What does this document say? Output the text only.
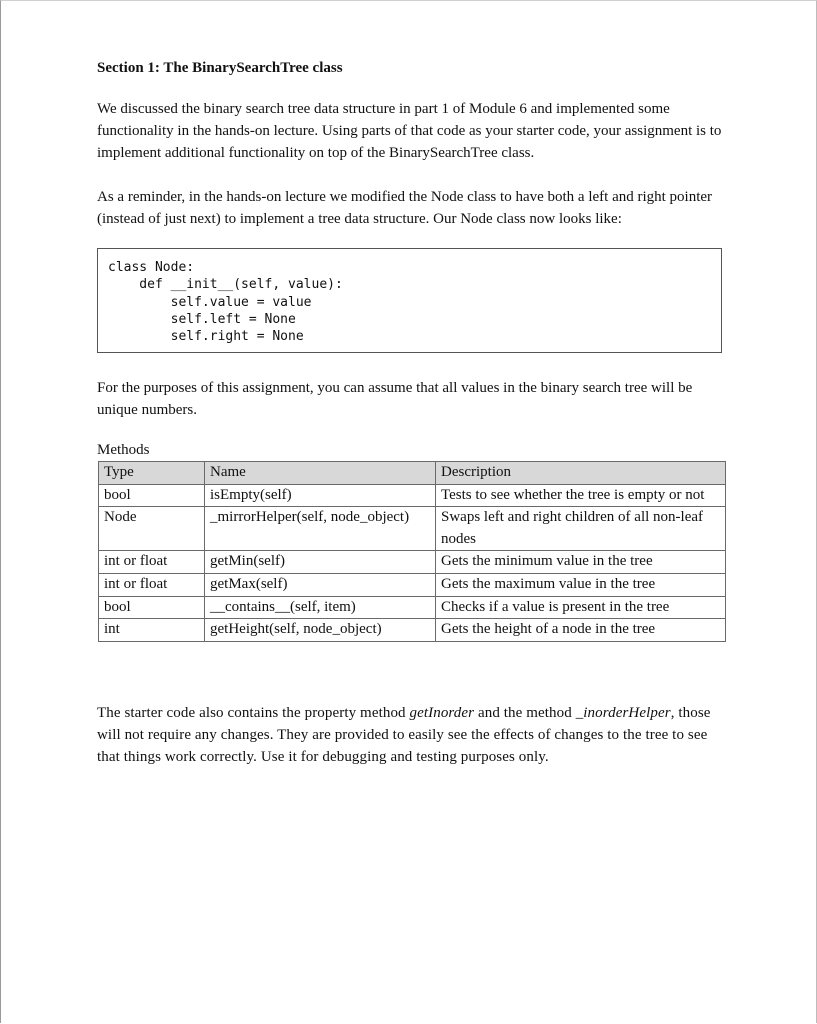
Section 1: The BinarySearchTree class

We discussed the binary search tree data structure in part 1 of Module 6 and implemented some functionality in the hands-on lecture. Using parts of that code as your starter code, your assignment is to implement additional functionality on top of the BinarySearchTree class.

As a reminder, in the hands-on lecture we modified the Node class to have both a left and right pointer (instead of just next) to implement a tree data structure. Our Node class now looks like:

class Node:
def __init__(self, value):
self.value = value
self.left = None
self.right = None

For the purposes of this assignment, you can assume that all values in the binary search tree will be unique numbers.

Methods
Type	Name	Description
bool	isEmpty(self)	Tests to see whether the tree is empty or not
Node	_mirrorHelper(self, node_object)	Swaps left and right children of all non-leaf nodes
int or float	getMin(self)	Gets the minimum value in the tree
int or float	getMax(self)	Gets the maximum value in the tree
bool	__contains__(self, item)	Checks if a value is present in the tree
int	getHeight(self, node_object)	Gets the height of a node in the tree

The starter code also contains the property method getInorder and the method _inorderHelper, those will not require any changes. They are provided to easily see the effects of changes to the tree to see that things work correctly. Use it for debugging and testing purposes only.
